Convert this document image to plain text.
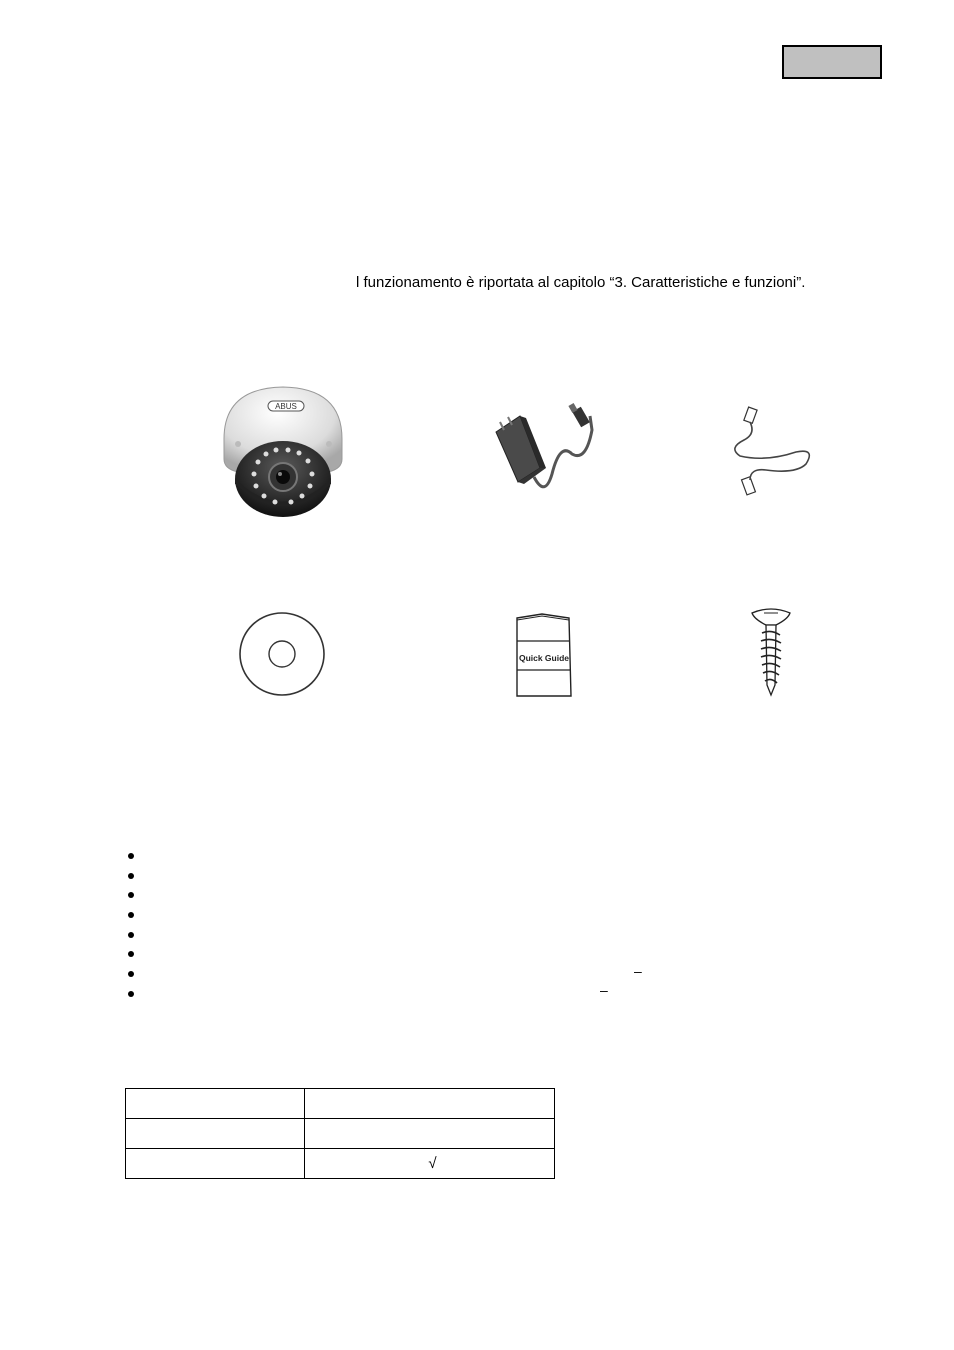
l funzionamento è riportata al capitolo “3. Caratteristiche e funzioni”.
ABUS
Quick Guide
–
–

	√
